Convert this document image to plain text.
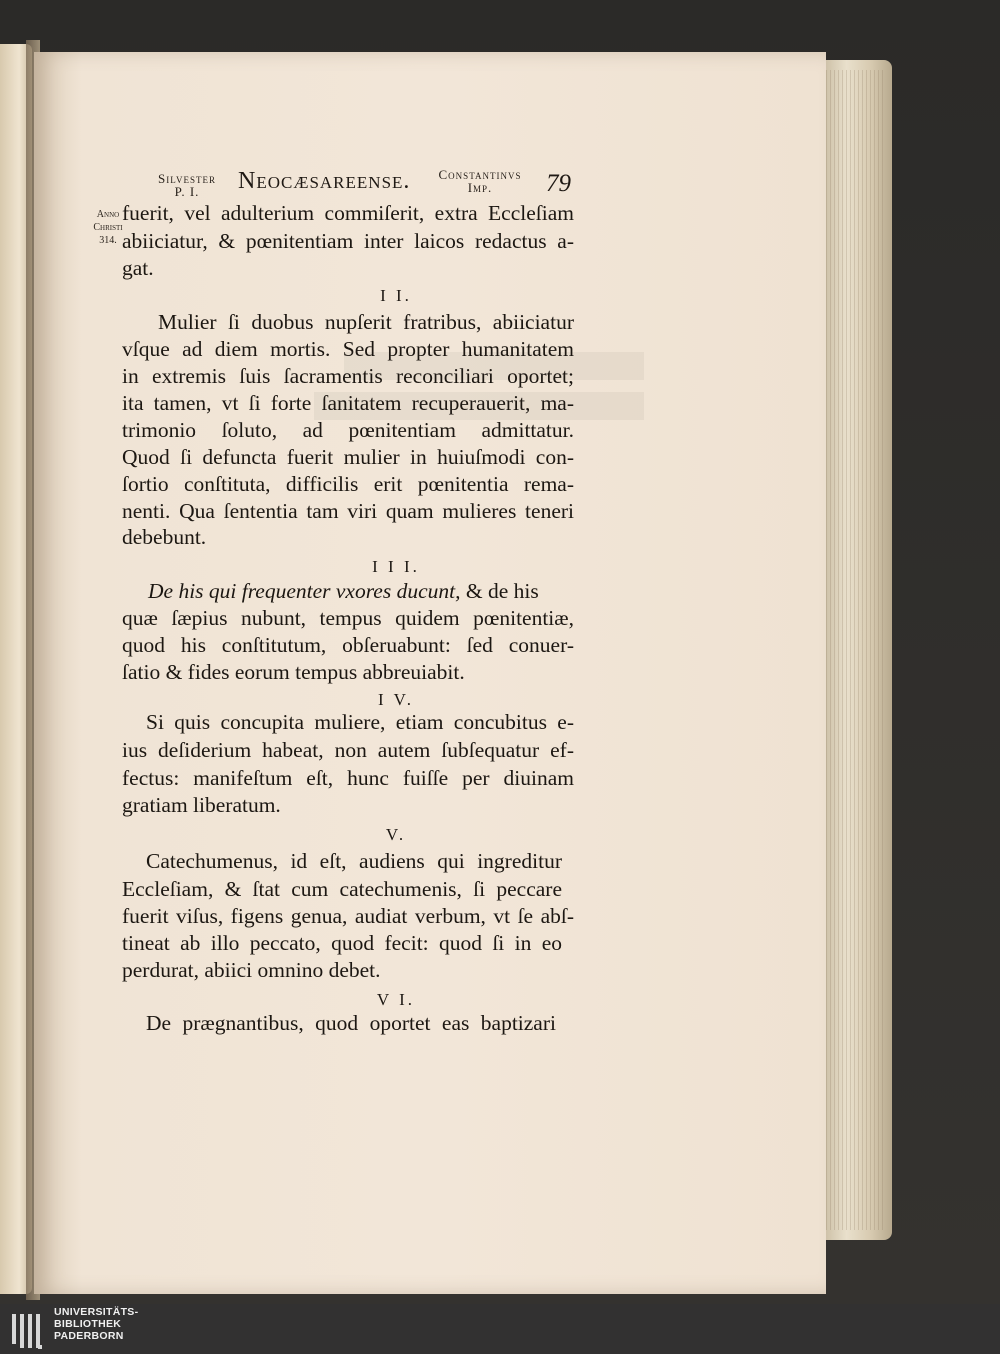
Silvester
P. I.	Neocæsareense.	Constantinvs
Imp.	79
Anno
Christi
314.
fuerit, vel adulterium commiſerit, extra Eccleſiam
abiiciatur, & pœnitentiam inter laicos redactus a-
gat.
I I.
Mulier ſi duobus nupſerit fratribus, abiiciatur
vſque ad diem mortis. Sed propter humanitatem
in extremis ſuis ſacramentis reconciliari oportet;
ita tamen, vt ſi forte ſanitatem recuperauerit, ma-
trimonio ſoluto, ad pœnitentiam admittatur.
Quod ſi defuncta fuerit mulier in huiuſmodi con-
ſortio conſtituta, difficilis erit pœnitentia rema-
nenti. Qua ſententia tam viri quam mulieres teneri
debebunt.
I I I.
De his qui frequenter vxores ducunt, & de his
quæ ſæpius nubunt, tempus quidem pœnitentiæ,
quod his conſtitutum, obſeruabunt: ſed conuer-
ſatio & fides eorum tempus abbreuiabit.
I V.
Si quis concupita muliere, etiam concubitus e-
ius deſiderium habeat, non autem ſubſequatur ef-
fectus: manifeſtum eſt, hunc fuiſſe per diuinam
gratiam liberatum.
V.
Catechumenus, id eſt, audiens qui ingreditur
Eccleſiam, & ſtat cum catechumenis, ſi peccare
fuerit viſus, figens genua, audiat verbum, vt ſe abſ-
tineat ab illo peccato, quod fecit: quod ſi in eo
perdurat, abiici omnino debet.
V I.
De prægnantibus, quod oportet eas baptizari
UNIVERSITÄTS-
BIBLIOTHEK
PADERBORN
